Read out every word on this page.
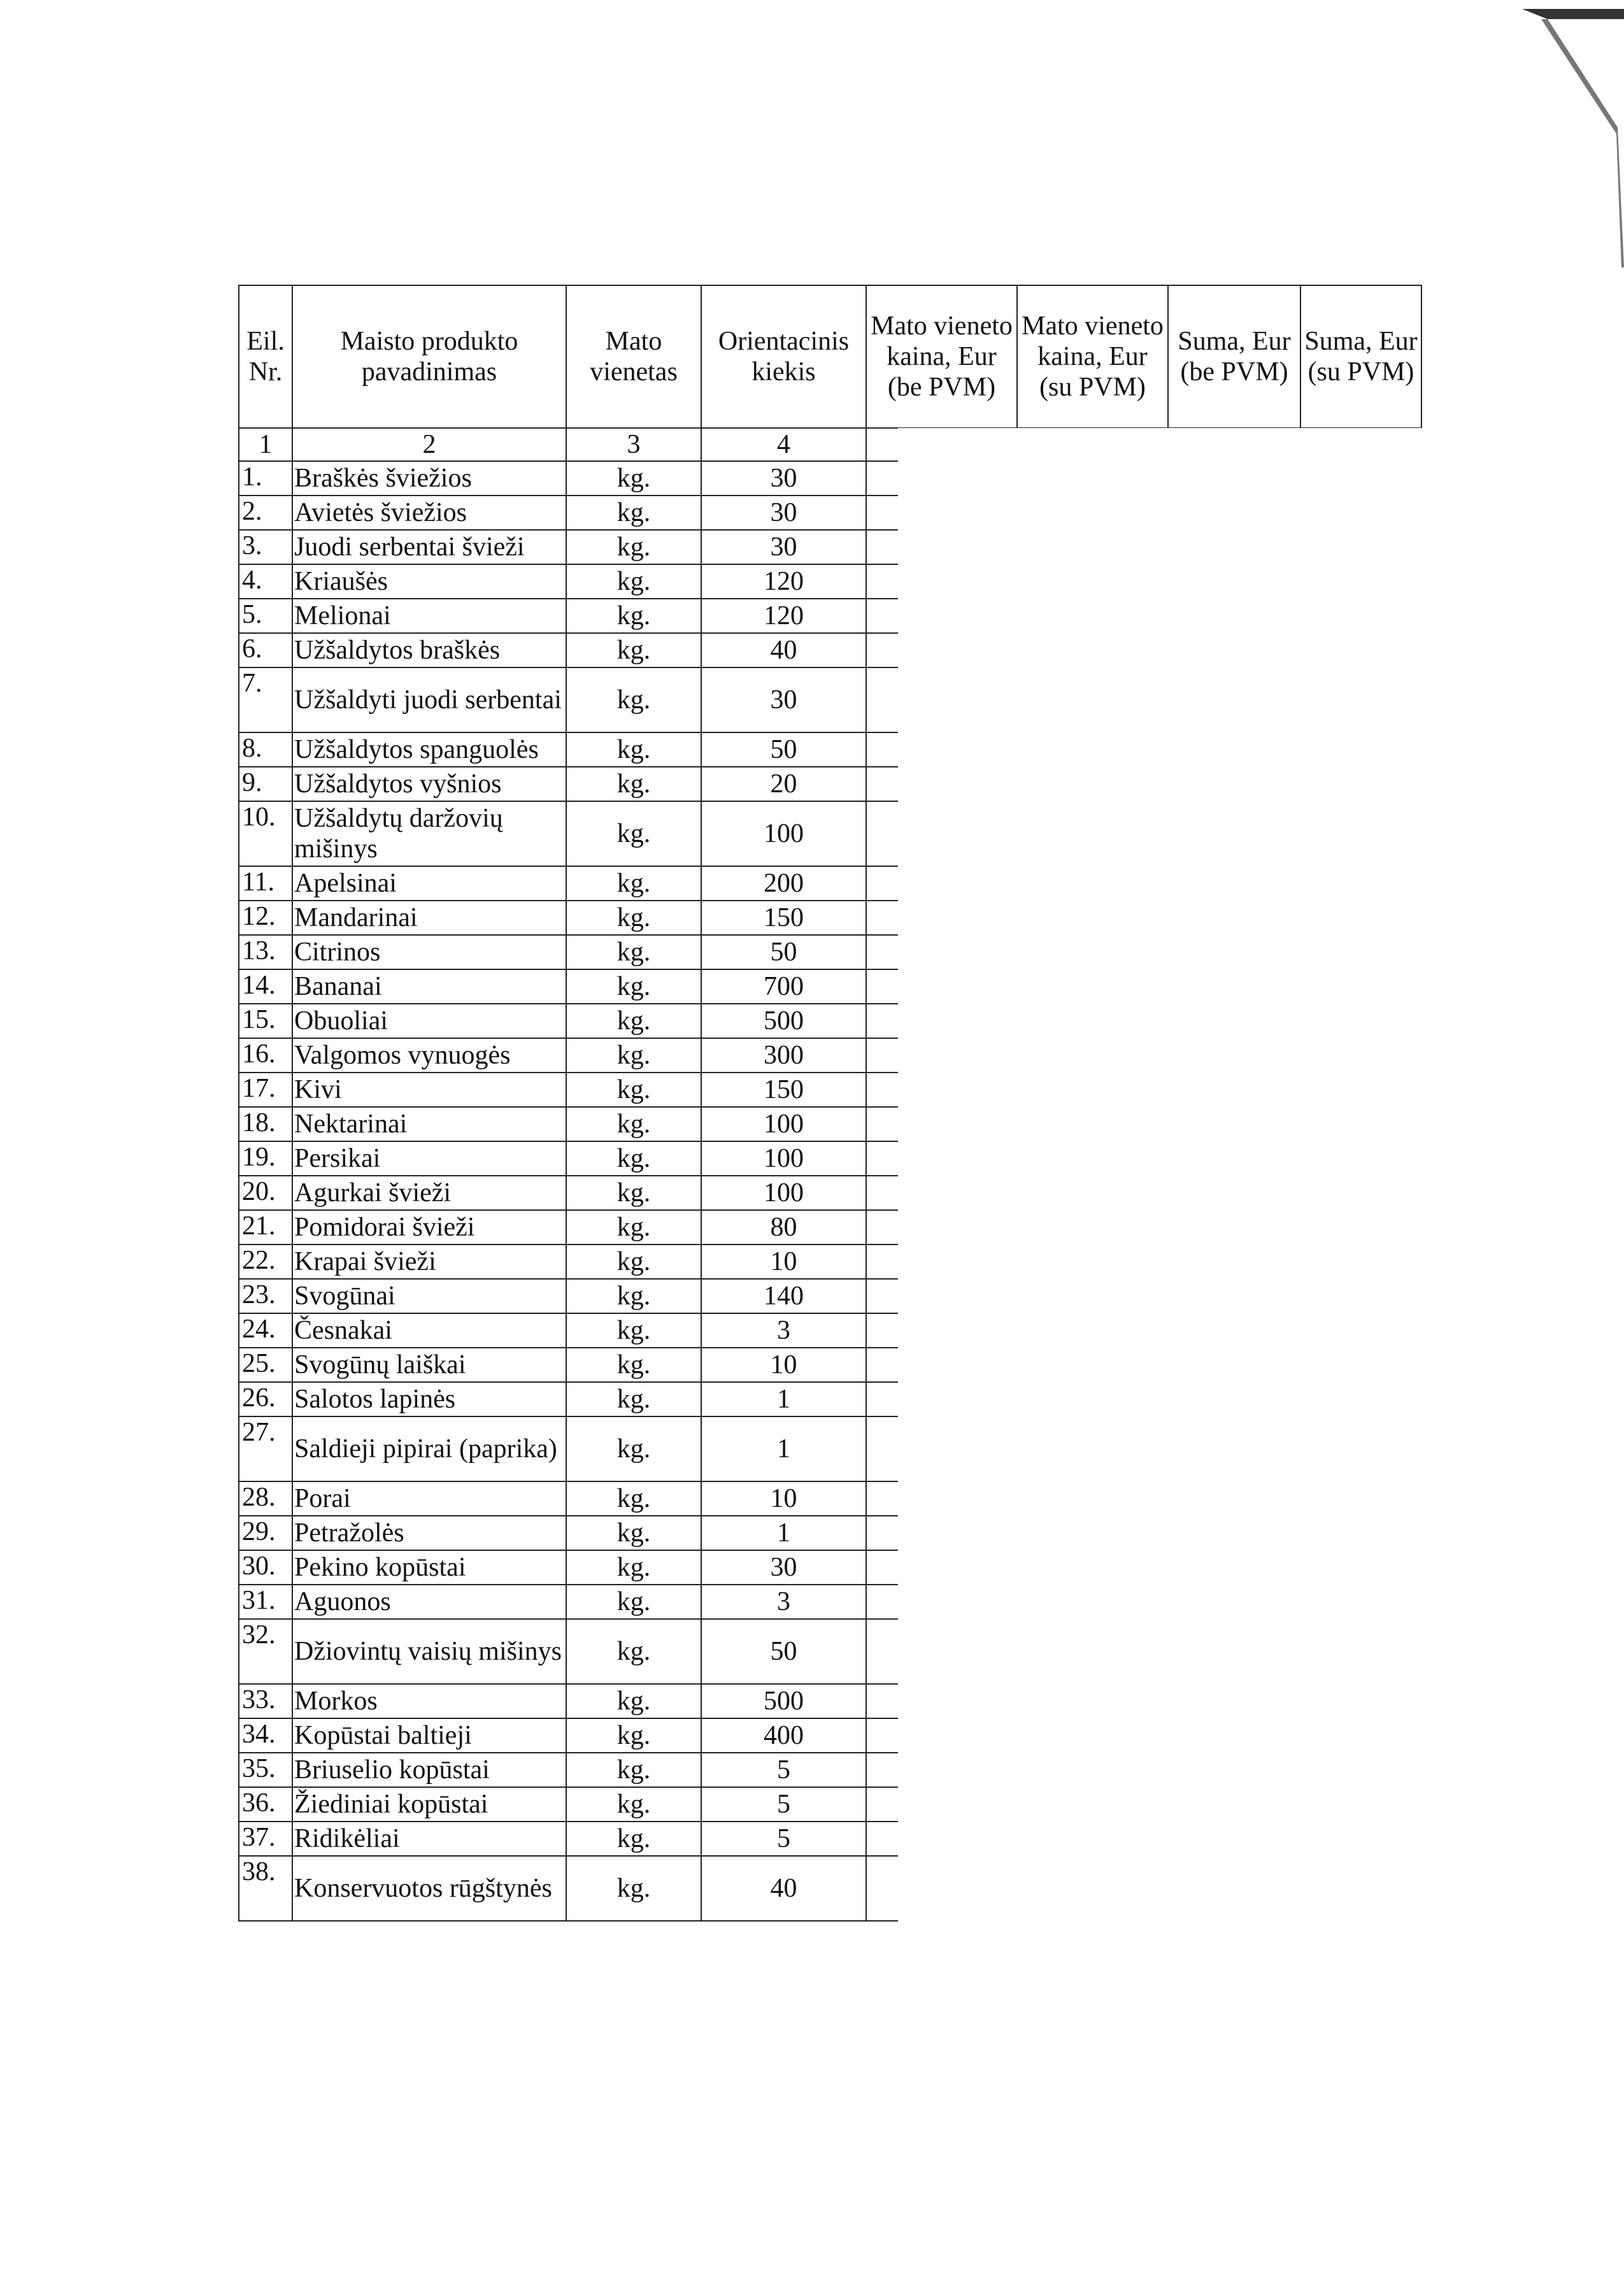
Eil. Nr.	Maisto produkto pavadinimas	Mato vienetas	Orientacinis kiekis	Mato vieneto kaina, Eur (be PVM)	Mato vieneto kaina, Eur (su PVM)	Suma, Eur (be PVM)	Suma, Eur (su PVM)
1	2	3	4				
1.	Braškės šviežios	kg.	30				
2.	Avietės šviežios	kg.	30				
3.	Juodi serbentai švieži	kg.	30				
4.	Kriaušės	kg.	120				
5.	Melionai	kg.	120				
6.	Užšaldytos braškės	kg.	40				
7.	Užšaldyti juodi serbentai	kg.	30				
8.	Užšaldytos spanguolės	kg.	50				
9.	Užšaldytos vyšnios	kg.	20				
10.	Užšaldytų daržovių mišinys	kg.	100				
11.	Apelsinai	kg.	200				
12.	Mandarinai	kg.	150				
13.	Citrinos	kg.	50				
14.	Bananai	kg.	700				
15.	Obuoliai	kg.	500				
16.	Valgomos vynuogės	kg.	300				
17.	Kivi	kg.	150				
18.	Nektarinai	kg.	100				
19.	Persikai	kg.	100				
20.	Agurkai švieži	kg.	100				
21.	Pomidorai švieži	kg.	80				
22.	Krapai švieži	kg.	10				
23.	Svogūnai	kg.	140				
24.	Česnakai	kg.	3				
25.	Svogūnų laiškai	kg.	10				
26.	Salotos lapinės	kg.	1				
27.	Saldieji pipirai (paprika)	kg.	1				
28.	Porai	kg.	10				
29.	Petražolės	kg.	1				
30.	Pekino kopūstai	kg.	30				
31.	Aguonos	kg.	3				
32.	Džiovintų vaisių mišinys	kg.	50				
33.	Morkos	kg.	500				
34.	Kopūstai baltieji	kg.	400				
35.	Briuselio kopūstai	kg.	5				
36.	Žiediniai kopūstai	kg.	5				
37.	Ridikėliai	kg.	5				
38.	Konservuotos rūgštynės	kg.	40				
